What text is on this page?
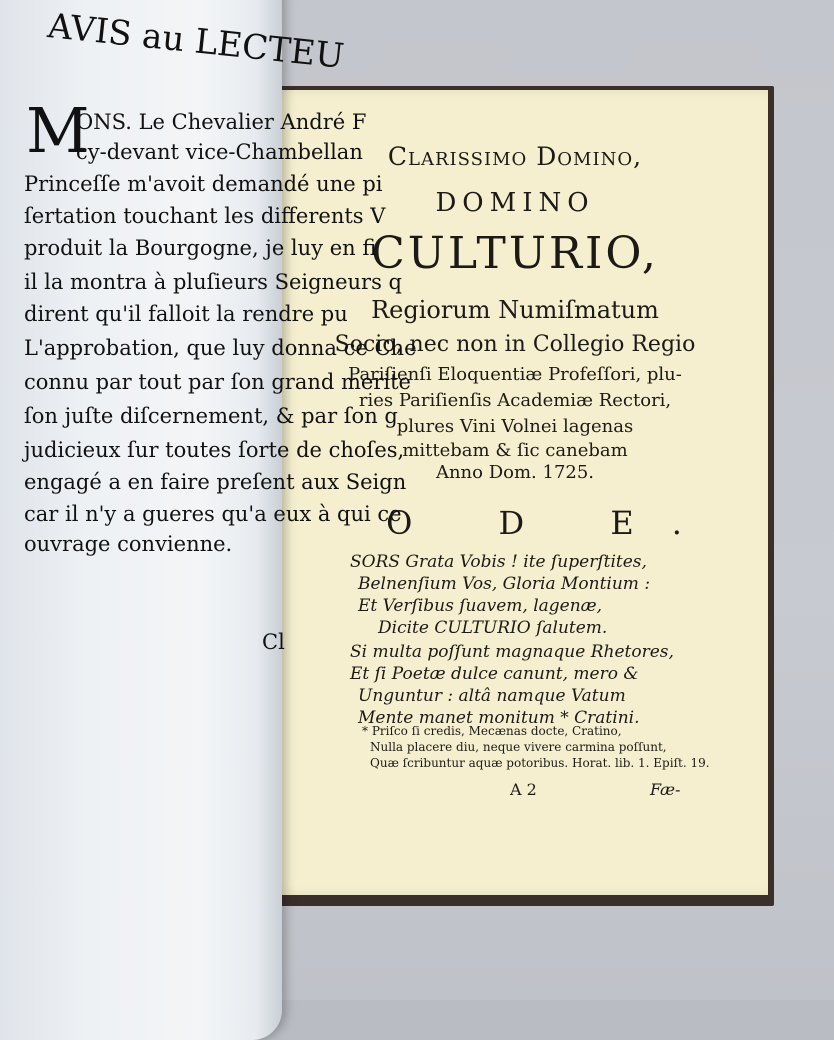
Clarissimo Domino,
DOMINO
CULTURIO,
Regiorum Numiſmatum
Socio, nec non in Collegio Regio
Pariſienſi Eloquentiæ Profeſſori, plu-
ries Pariſienſis Academiæ Rectori,
plures Vini Volnei lagenas
mittebam & ſic canebam
Anno Dom. 1725.
O D E.
SORS Grata Vobis ! ite ſuperſtites,
Belnenſium Vos, Gloria Montium :
Et Verſibus ſuavem, lagenæ,
Dicite CULTURIO ſalutem.
Si multa poſſunt magnaque Rhetores,
Et ſi Poetæ dulce canunt, mero &
Unguntur : altâ namque Vatum
Mente manet monitum * Cratini.
* Priſco ſi credis, Mecænas docte, Cratino,
Nulla placere diu, neque vivere carmina poſſunt,
Quæ ſcribuntur aquæ potoribus. Horat. lib. 1. Epiſt. 19.
A 2	Fæ-
AVIS au LECTEU
M
ONS. Le Chevalier André F
cy-devant vice-Chambellan
Princeſſe m'avoit demandé une pi
ſertation touchant les differents V
produit la Bourgogne, je luy en fi
il la montra à pluſieurs Seigneurs q
dirent qu'il falloit la rendre pu
L'approbation, que luy donna ce Che
connu par tout par ſon grand merite
ſon juſte diſcernement, & par ſon g
judicieux ſur toutes ſorte de choſes,
engagé a en faire preſent aux Seign
car il n'y a gueres qu'a eux à qui ce
ouvrage convienne.
Cl
